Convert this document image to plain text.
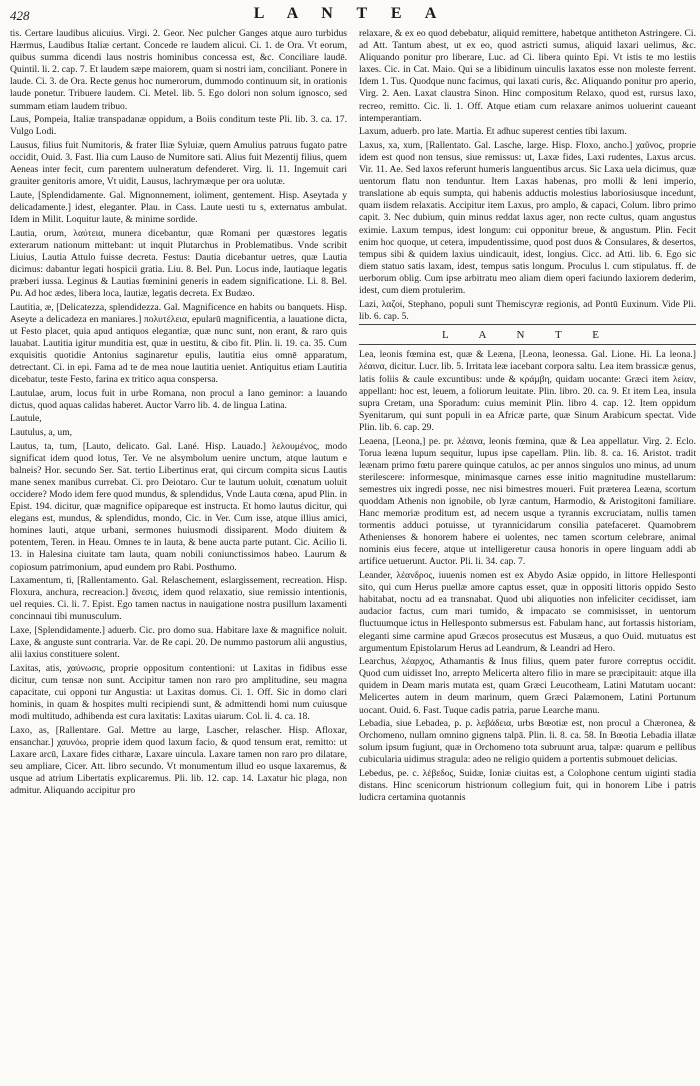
428	L A N T E A

tis. Certare laudibus alicuius. Virgi. 2. Geor. Nec pulcher Ganges atque auro turbidus Hærmus, Laudibus Italiæ certant. Concede re laudem alicui. Ci. 1. de Ora. Vt eorum, quibus summa dicendi laus nostris hominibus concessa est, &c. Conciliare laudē. Quintil. li. 2. cap. 7. Et laudem sæpe maiorem, quam si nostri iam, conciliant. Ponere in laude. Ci. 3. de Ora. Recte genus hoc numerorum, dummodo continuum sit, in orationis laude ponetur. Tribuere laudem. Ci. Metel. lib. 5. Ego dolori non solum ignosco, sed summam etiam laudem tribuo.

Laus, Pompeia, Italiæ transpadanæ oppidum, a Boiis conditum teste Pli. lib. 3. ca. 17. Vulgo Lodi.

Lausus, filius fuit Numitoris, & frater Iliæ Syluiæ, quem Amulius patruus fugato patre occidit, Ouid. 3. Fast. Ilia cum Lauso de Numitore sati. Alius fuit Mezentij filius, quem Aeneas inter fecit, cum parentem uulneratum defenderet. Virg. li. 11. Ingemuit cari grauiter genitoris amore, Vt uidit, Lausus, lachrymæque per ora uolutæ.

Laute, [Splendidamente. Gal. Mignonnement, ioliment, gentement. Hisp. Aseytada y delicadamente.] idest, eleganter. Plau. in Cass. Laute uesti tu s, externatus ambulat. Idem in Milit. Loquitur laute, & minime sordide.

Lautia, orum, λαύτεια, munera dicebantur, quæ Romani per quæstores legatis exterarum nationum mittebant: ut inquit Plutarchus in Problematibus. Vnde scribit Liuius, Lautia Attulo fuisse decreta. Festus: Dautia dicebantur uetres, quæ Lautia dicimus: dabantur legati hospicii gratia. Liu. 8. Bel. Pun. Locus inde, lautiaque legatis præberi iussa. Leginus & Lautias fœminini generis in eadem significatione. Li. 8. Bel. Pu. Ad hoc ædes, libera loca, lautiæ, legatis decreta. Ex Budæo.

Lautitia, æ, [Delicatezza, splendidezza. Gal. Magnificence en habits ou banquets. Hisp. Aseyte a delicadeza en maniares.] πολυτέλεια, epularū magnificentia, a lauatione dicta, ut Festo placet, quia apud antiquos elegantiæ, quæ nunc sunt, non erant, & raro quis lauabat. Lautitia igitur munditia est, quæ in uestitu, & cibo fit. Plin. li. 19. ca. 35. Cum exquisitis quotidie Antonius saginaretur epulis, lautitia eius omnē apparatum, detrectant. Ci. in epi. Fama ad te de mea noue lautitia ueniet. Antiquitus etiam Lautitia dicebatur, teste Festo, farina ex tritico aqua conspersa.

Lautulae, arum, locus fuit in urbe Romana, non procul a Iano geminor: a lauando dictus, quod aquas calidas haberet. Auctor Varro lib. 4. de lingua Latina.

Lautule,

Lautulus, a, um,

Lautus, ta, tum, [Lauto, delicato. Gal. Lané. Hisp. Lauado.] λελουμένος, modo significat idem quod lotus, Ter. Ve ne alsymbolum uenire unctum, atque lautum e balneis? Hor. secundo Ser. Sat. tertio Libertinus erat, qui circum compita sicus Lautis mane senex manibus currebat. Ci. pro Deiotaro. Cur te lautum uoluit, cœnatum uoluit occidere? Modo idem fere quod mundus, & splendidus, Vnde Lauta cœna, apud Plin. in Epist. 194. dicitur, quæ magnifice opipareque est instructa. Et homo lautus dicitur, qui elegans est, mundus, & splendidus, mondo, Cic. in Ver. Cum isse, atque illius amici, homines lauti, atque urbani, sermones huiusmodi dissiparent. Modo diuitem & potentem, Teren. in Heau. Omnes te in lauta, & bene aucta parte putant. Cic. Acilio li. 13. in Halesina ciuitate tam lauta, quam nobili coniunctissimos habeo. Laurum & copiosum patrimonium, apud eundem pro Rabi. Posthumo.

Laxamentum, ti, [Rallentamento. Gal. Relaschement, eslargissement, recreation. Hisp. Floxura, anchura, recreacion.] ἄνεσις, idem quod relaxatio, siue remissio intentionis, uel requies. Ci. li. 7. Epist. Ego tamen nactus in nauigatione nostra pusillum laxamenti concinnaui tibi munusculum.

Laxe, [Splendidamente.] aduerb. Cic. pro domo sua. Habitare laxe & magnifice noluit. Laxe, & anguste sunt contraria. Var. de Re capi. 20. De nummo pastorum alii angustius, alii laxius constituere solent.

Laxitas, atis, χαύνωσις, proprie oppositum contentioni: ut Laxitas in fidibus esse dicitur, cum tensæ non sunt. Accipitur tamen non raro pro amplitudine, seu magna capacitate, cui opponi tur Angustia: ut Laxitas domus. Ci. 1. Off. Sic in domo clari hominis, in quam & hospites multi recipiendi sunt, & admittendi homi num cuiusque modi multitudo, adhibenda est cura laxitatis: Laxitas uiarum. Col. li. 4. ca. 18.

Laxo, as, [Rallentare. Gal. Mettre au large, Lascher, relascher. Hisp. Afloxar, ensanchar.] χαυνόω, proprie idem quod laxum facio, & quod tensum erat, remitto: ut Laxare arcū, Laxare fides citharæ, Laxare uincula. Laxare tamen non raro pro dilatare, seu ampliare, Cicer. Att. libro secundo. Vt monumentum illud eo usque laxaremus, & usque ad atrium Libertatis explicaremus. Pli. lib. 12. cap. 14. Laxatur hic plaga, non admitur. Aliquando accipitur pro

relaxare, & ex eo quod debebatur, aliquid remittere, habetque antitheton Astringere. Ci. ad Att. Tantum abest, ut ex eo, quod astricti sumus, aliquid laxari uelimus, &c. Aliquando ponitur pro liberare, Luc. ad Ci. libera quinto Epi. Vt istis te mo lestiis laxes. Cic. in Cat. Maio. Qui se a libidinum uinculis laxatos esse non moleste ferrent. Idem 1. Tus. Quodque nunc facimus, qui laxati curis, &c. Aliquando ponitur pro aperio, Virg. 2. Aen. Laxat claustra Sinon. Hinc compositum Relaxo, quod est, rursus laxo, recreo, remitto. Cic. li. 1. Off. Atque etiam cum relaxare animos uoluerint caueant intemperantiam.

Laxum, aduerb. pro late. Martia. Et adhuc superest centies tibi laxum.

Laxus, xa, xum, [Rallentato. Gal. Lasche, large. Hisp. Floxo, ancho.] χαῦνος, proprie idem est quod non tensus, siue remissus: ut, Laxæ fides, Laxi rudentes, Laxus arcus. Vir. 11. Ae. Sed laxos referunt humeris languentibus arcus. Sic Laxa uela dicimus, quæ uentorum flatu non tenduntur. Item Laxas habenas, pro molli & leni imperio, translatione ab equis sumpta, qui habenis adductis molestius laboriosiusque incedunt, quam iisdem relaxatis. Accipitur item Laxus, pro amplo, & capaci, Colum. libro primo capit. 3. Nec dubium, quin minus reddat laxus ager, non recte cultus, quam angustus eximie. Laxum tempus, idest longum: cui opponitur breue, & angustum. Plin. Fecit enim hoc quoque, ut cetera, impudentissime, quod post duos & Consulares, & desertos, tempus sibi & quidem laxius uindicauit, idest, longius. Cicc. ad Atti. lib. 6. Ego sic diem statuo satis laxam, idest, tempus satis longum. Proculus l. cum stipulatus. ff. de uerborum oblig. Cum ipse arbitratu meo aliam diem operi faciundo laxiorem dederim, idest, cum diem protulerim.

Lazi, λαζοί, Stephano, populi sunt Themiscyræ regionis, ad Pontū Euxinum. Vide Pli. lib. 6. cap. 5.

L A N T E

Lea, leonis fœmina est, quæ & Leæna, [Leona, leonessa. Gal. Lione. Hi. La leona.] λέαινα, dicitur. Lucr. lib. 5. Irritata leæ iacebant corpora saltu. Lea item brassicæ genus, latis foliis & caule excuntibus: unde & κράμβη, quidam uocante: Græci item λείαν, appellant: hoc est, leuem, a foliorum leuitate. Plin. libro. 20. ca. 9. Et item Lea, insula supra Cretam, una Sporadum: cuius meminit Plin. libro 4. cap. 12. Item oppidum Syenitarum, qui sunt populi in ea Africæ parte, quæ Sinum Arabicum spectat. Vide Plin. lib. 6. cap. 29.

Leaena, [Leona,] pe. pr. λέαινα, leonis fœmina, quæ & Lea appellatur. Virg. 2. Eclo. Torua leæna lupum sequitur, lupus ipse capellam. Plin. lib. 8. ca. 16. Aristot. tradit leænam primo fœtu parere quinque catulos, ac per annos singulos uno minus, ad unum sterilescere: informesque, minimasque carnes esse initio magnitudine mustellarum: semestres uix ingredi posse, nec nisi bimestres moueri. Fuit præterea Leæna, scortum quoddam Athenis non ignobile, ob lyræ cantum, Harmodio, & Aristogitoni familiare. Hanc memoriæ proditum est, ad necem usque a tyrannis excruciatam, nullis tamen tormentis adduci potuisse, ut tyrannicidarum consilia patefaceret. Quamobrem Athenienses & honorem habere ei uolentes, nec tamen scortum celebrare, animal nominis eius fecere, atque ut intelligeretur causa honoris in opere linguam addi ab artifice uetuerunt. Auctor. Pli. li. 34. cap. 7.

Leander, λέανδρος, iuuenis nomen est ex Abydo Asiæ oppido, in littore Hellesponti sito, qui cum Herus puellæ amore captus esset, quæ in oppositi littoris oppido Sesto habitabat, noctu ad ea transnabat. Quod ubi aliquoties non infeliciter cecidisset, iam audacior factus, cum mari tumido, & impacato se commisisset, in uentorum fluctuumque ictus in Hellesponto submersus est. Fabulam hanc, aut fortassis historiam, eleganti sime carmine apud Græcos prosecutus est Musæus, a quo Ouid. mutuatus est argumentum Epistolarum Herus ad Leandrum, & Leandri ad Hero.

Learchus, λέαρχος, Athamantis & Inus filius, quem pater furore correptus occidit. Quod cum uidisset Ino, arrepto Melicerta altero filio in mare se præcipitauit: atque illa quidem in Deam maris mutata est, quam Græci Leucotheam, Latini Matutam uocant: Melicertes autem in deum marinum, quem Græci Palæmonem, Latini Portunum uocant. Ouid. 6. Fast. Tuque cadis patria, parue Learche manu.

Lebadia, siue Lebadea, p. p. λεβάδεια, urbs Bœotiæ est, non procul a Chæronea, & Orchomeno, nullam omnino gignens talpā. Plin. li. 8. ca. 58. In Bœotia Lebadia illatæ solum ipsum fugiunt, quæ in Orchomeno tota subruunt arua, talpæ: quarum e pellibus cubicularia uidimus stragula: adeo ne religio quidem a portentis submouet delicias.

Lebedus, pe. c. λέβεδος, Suidæ, Ioniæ ciuitas est, a Colophone centum uiginti stadia distans. Hinc scenicorum histrionum collegium fuit, qui in honorem Libe i patris ludicra certamina quotannis
